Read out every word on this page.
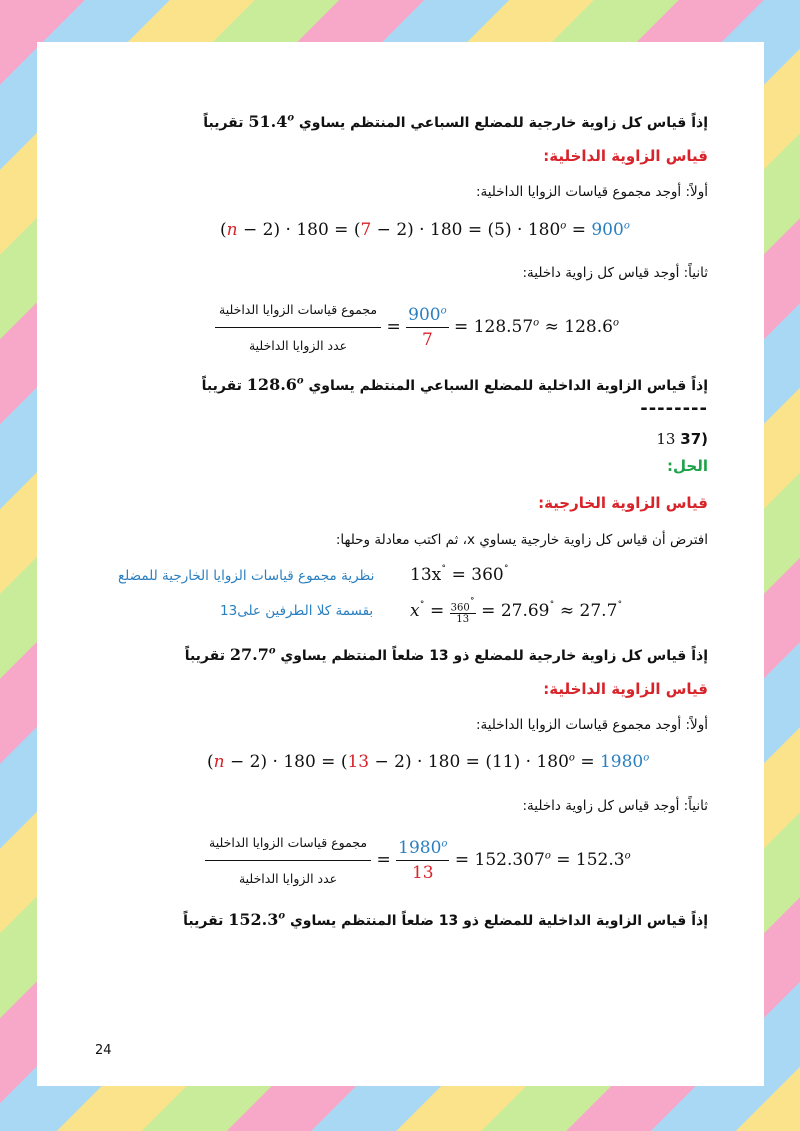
إذاً قياس كل زاوية خارجية للمضلع السباعي المنتظم يساوي 51.4$^o$ تقريباً
قياس الزاوية الداخلية:
أولاً: أوجد مجموع قياسات الزوايا الداخلية:
$(n - 2) \cdot 180 = (7 - 2) \cdot 180 = (5) \cdot 180^o = 900^o$
ثانياً: أوجد قياس كل زاوية داخلية:
$\frac{\text{مجموع قياسات الزوايا الداخلية}}{\text{عدد الزوايا الداخلية}} = \frac{900^o}{7} = 128.57^o \approx 128.6^o$
إذاً قياس الزاوية الداخلية للمضلع السباعي المنتظم يساوي 128.6$^o$ تقريباً
--------
13 37)
الحل:
قياس الزاوية الخارجية:
افترض أن قياس كل زاوية خارجية يساوي x، ثم اكتب معادلة وحلها:
13x˚ = 360˚
نظرية مجموع قياسات الزوايا الخارجية للمضلع
$x^˚ = \frac{360^˚}{13} = 27.69^˚ \approx 27.7^˚$
بقسمة كلا الطرفين على13
إذاً قياس كل زاوية خارجية للمضلع ذو 13 ضلعاً المنتظم يساوي 27.7$^o$ تقريباً
قياس الزاوية الداخلية:
أولاً: أوجد مجموع قياسات الزوايا الداخلية:
$(n - 2) \cdot 180 = (13 - 2) \cdot 180 = (11) \cdot 180^o = 1980^o$
ثانياً: أوجد قياس كل زاوية داخلية:
$\frac{\text{مجموع قياسات الزوايا الداخلية}}{\text{عدد الزوايا الداخلية}} = \frac{1980^o}{13} = 152.307^o = 152.3^o$
إذاً قياس الزاوية الداخلية للمضلع ذو 13 ضلعاً المنتظم يساوي 152.3$^o$ تقريباً
24
